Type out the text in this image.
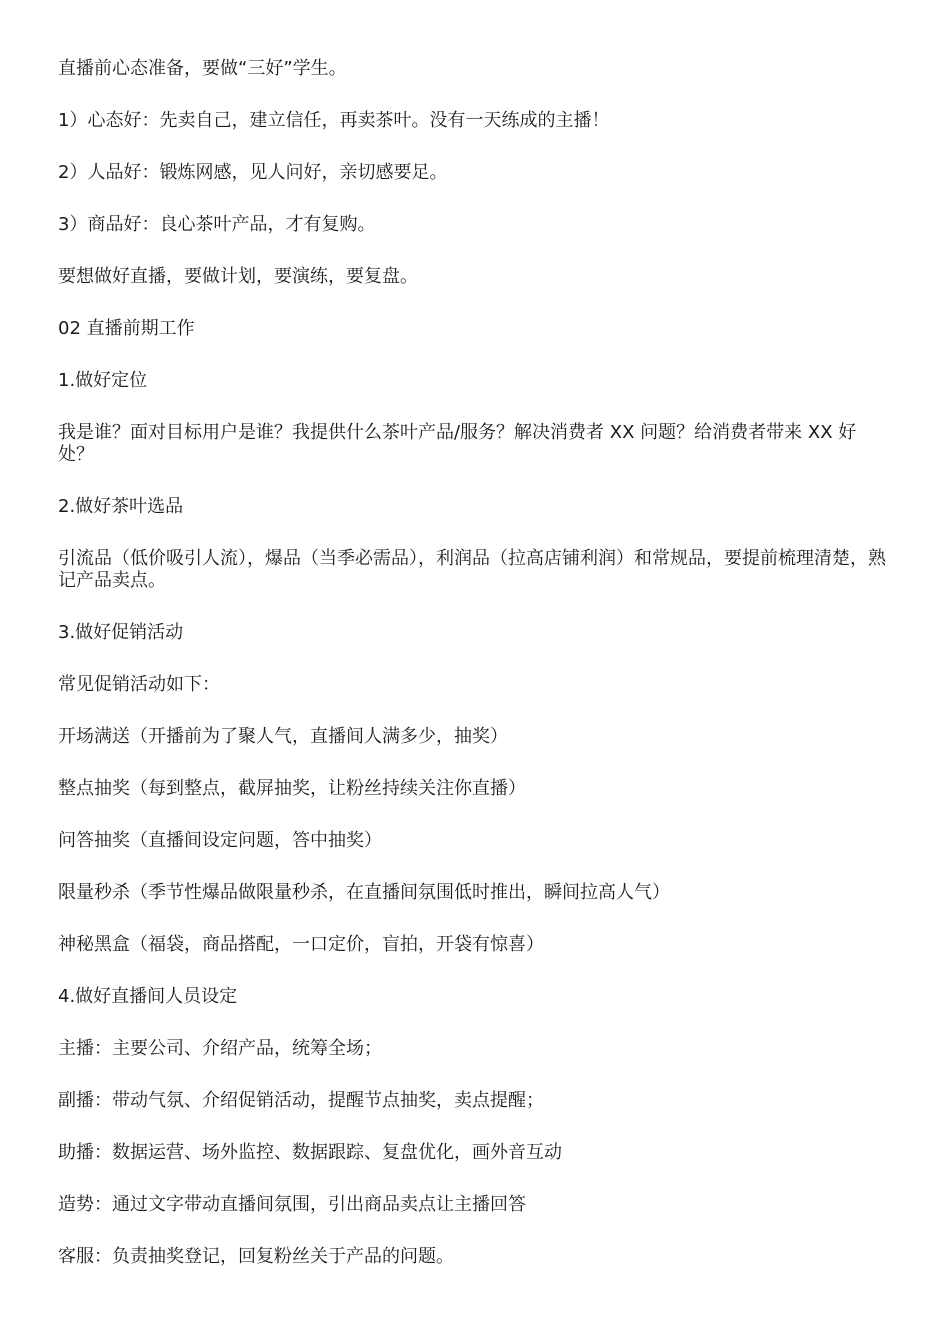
直播前心态准备，要做“三好”学生。

1）心态好：先卖自己，建立信任，再卖茶叶。没有一天练成的主播！

2）人品好：锻炼网感，见人问好，亲切感要足。

3）商品好：良心茶叶产品，才有复购。

要想做好直播，要做计划，要演练，要复盘。

02 直播前期工作

1.做好定位

我是谁？面对目标用户是谁？我提供什么茶叶产品/服务？解决消费者 XX 问题？给消费者带来 XX 好处？

2.做好茶叶选品

引流品（低价吸引人流），爆品（当季必需品），利润品（拉高店铺利润）和常规品，要提前梳理清楚，熟记产品卖点。

3.做好促销活动

常见促销活动如下：

开场满送（开播前为了聚人气，直播间人满多少，抽奖）

整点抽奖（每到整点，截屏抽奖，让粉丝持续关注你直播）

问答抽奖（直播间设定问题，答中抽奖）

限量秒杀（季节性爆品做限量秒杀，在直播间氛围低时推出，瞬间拉高人气）

神秘黑盒（福袋，商品搭配，一口定价，盲拍，开袋有惊喜）

4.做好直播间人员设定

主播：主要公司、介绍产品，统筹全场；

副播：带动气氛、介绍促销活动，提醒节点抽奖，卖点提醒；

助播：数据运营、场外监控、数据跟踪、复盘优化，画外音互动

造势：通过文字带动直播间氛围，引出商品卖点让主播回答

客服：负责抽奖登记，回复粉丝关于产品的问题。
